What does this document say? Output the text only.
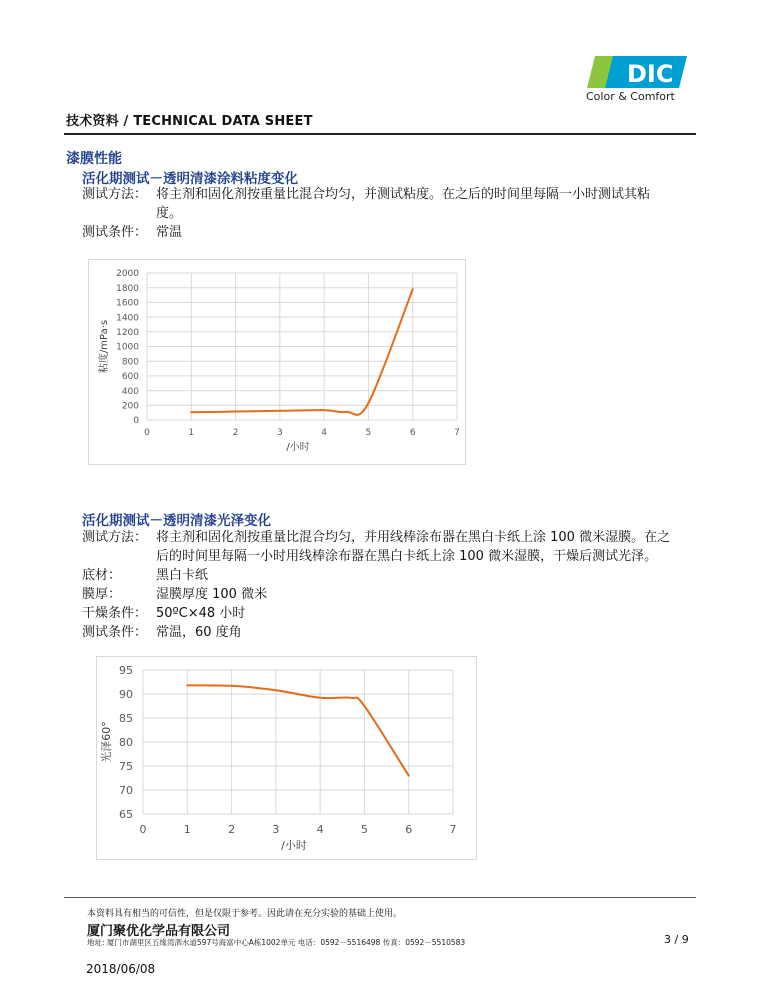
DIC
Color & Comfort
技术资料 / TECHNICAL DATA SHEET
漆膜性能
活化期测试－透明清漆涂料粘度变化
测试方法： 将主剂和固化剂按重量比混合均匀，并测试粘度。在之后的时间里每隔一小时测试其粘
度。
测试条件： 常温
0
200
400
600
800
1000
1200
1400
1600
1800
2000
0	1	2	3	4	5	6	7
/小时
粘度/mPa·s
活化期测试－透明清漆光泽变化
测试方法： 将主剂和固化剂按重量比混合均匀，并用线棒涂布器在黑白卡纸上涂 100 微米湿膜。在之
后的时间里每隔一小时用线棒涂布器在黑白卡纸上涂 100 微米湿膜，干燥后测试光泽。
底材：	黑白卡纸
膜厚：	湿膜厚度 100 微米
干燥条件： 50ºC×48 小时
测试条件： 常温，60 度角
65
70
75
80
85
90
95
0	1	2	3	4	5	6	7
/小时
光泽60°
本资料具有相当的可信性，但是仅限于参考。因此请在充分实验的基础上使用。
厦门聚优化学品有限公司
地址: 厦门市湖里区五缘湾泗水道597号海富中心A栋1002单元 电话：0592－5516498 传真：0592－5510583	3 / 9
2018/06/08
